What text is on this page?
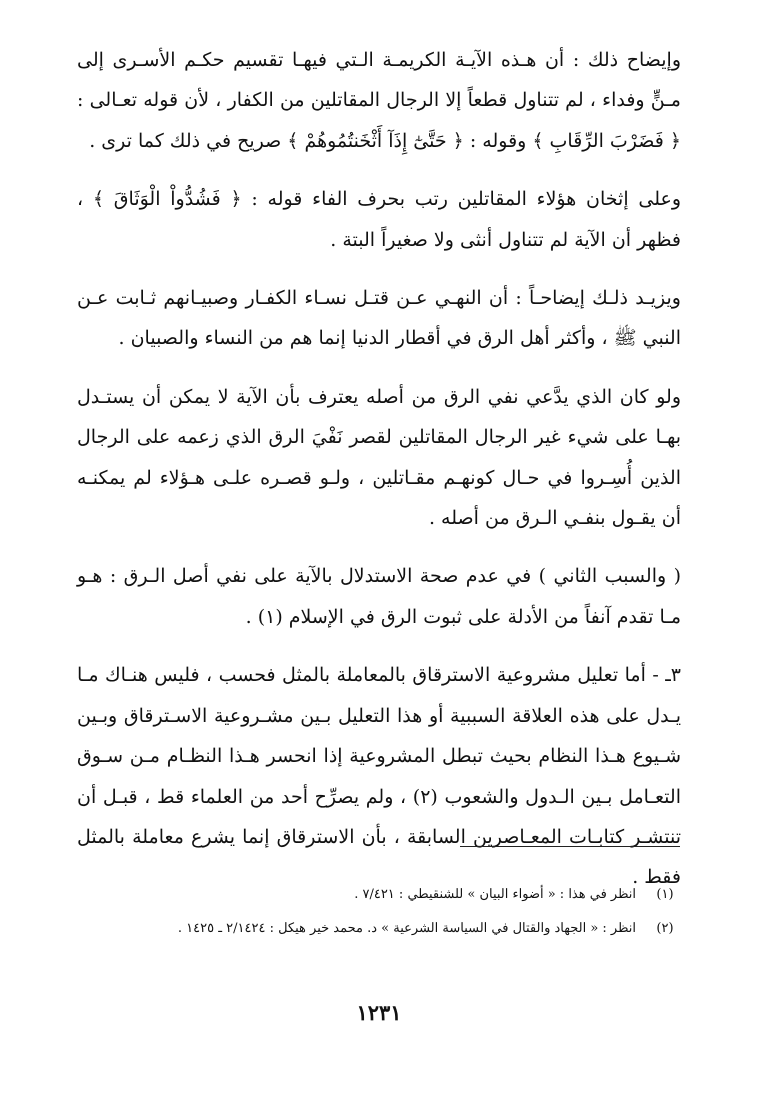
وإيضاح ذلك : أن هـذه الآيـة الكريمـة الـتي فيهـا تقسيم حكـم الأسـرى إلى مـنٍّ وفداء ، لم تتناول قطعاً إلا الرجال المقاتلين من الكفار ، لأن قوله تعـالى : ﴿ فَضَرْبَ الرِّقَابِ ﴾ وقوله : ﴿ حَتَّىٰٓ إِذَآ أَثْخَنتُمُوهُمْ ﴾ صريح في ذلك كما ترى .

وعلى إثخان هؤلاء المقاتلين رتب بحرف الفاء قوله : ﴿ فَشُدُّواْ الْوَثَاقَ ﴾ ، فظهر أن الآية لم تتناول أنثى ولا صغيراً البتة .

ويزيـد ذلـك إيضاحـاً : أن النهـي عـن قتـل نسـاء الكفـار وصبيـانهم ثـابت عـن النبي ﷺ ، وأكثر أهل الرق في أقطار الدنيا إنما هم من النساء والصبيان .

ولو كان الذي يدَّعي نفي الرق من أصله يعترف بأن الآية لا يمكن أن يستـدل بهـا على شيء غير الرجال المقاتلين لقصر نَفْيَ الرق الذي زعمه على الرجال الذين أُسِـروا في حـال كونهـم مقـاتلين ، ولـو قصـره علـى هـؤلاء لم يمكنـه أن يقـول بنفـي الـرق من أصله .

( والسبب الثاني ) في عدم صحة الاستدلال بالآية على نفي أصل الـرق : هـو مـا تقدم آنفاً من الأدلة على ثبوت الرق في الإسلام (١) .

٣ـ - أما تعليل مشروعية الاسترقاق بالمعاملة بالمثل فحسب ، فليس هنـاك مـا يـدل على هذه العلاقة السببية أو هذا التعليل بـين مشـروعية الاسـترقاق وبـين شـيوع هـذا النظام بحيث تبطل المشروعية إذا انحسر هـذا النظـام مـن سـوق التعـامل بـين الـدول والشعوب (٢) ، ولم يصرِّح أحد من العلماء قط ، قبـل أن تنتشـر كتابـات المعـاصرين السابقة ، بأن الاسترقاق إنما يشرع معاملة بالمثل فقط .

(١)
انظر في هذا : « أضواء البيان » للشنقيطي : ٧/٤٢١ .
(٢)
انظر : « الجهاد والقتال في السياسة الشرعية » د. محمد خير هيكل : ٢/١٤٢٤ ـ ١٤٢٥ .
١٢٣١
